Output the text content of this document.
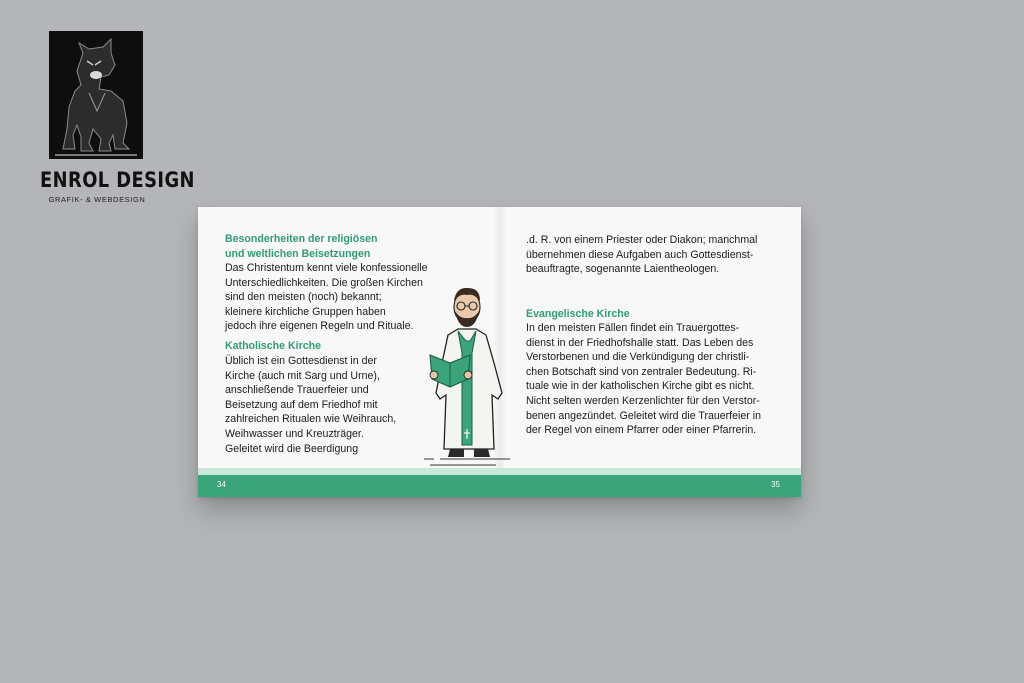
ENROL DESIGN
GRAFIK- & WEBDESIGN
Besonderheiten der religiösen
und weltlichen Beisetzungen
Das Christentum kennt viele konfessionelle
Unterschiedlichkeiten. Die großen Kirchen
sind den meisten (noch) bekannt;
kleinere kirchliche Gruppen haben
jedoch ihre eigenen Regeln und Rituale.
Katholische Kirche
Üblich ist ein Gottesdienst in der
Kirche (auch mit Sarg und Urne),
anschließende Trauerfeier und
Beisetzung auf dem Friedhof mit
zahlreichen Ritualen wie Weihrauch,
Weihwasser und Kreuzträger.
Geleitet wird die Beerdigung
.d. R. von einem Priester oder Diakon; manchmal
übernehmen diese Aufgaben auch Gottesdienst-
beauftragte, sogenannte Laientheologen.
Evangelische Kirche
In den meisten Fällen findet ein Trauergottes-
dienst in der Friedhofshalle statt. Das Leben des
Verstorbenen und die Verkündigung der christli-
chen Botschaft sind von zentraler Bedeutung. Ri-
tuale wie in der katholischen Kirche gibt es nicht.
Nicht selten werden Kerzenlichter für den Verstor-
benen angezündet. Geleitet wird die Trauerfeier in
der Regel von einem Pfarrer oder einer Pfarrerin.
34	35
